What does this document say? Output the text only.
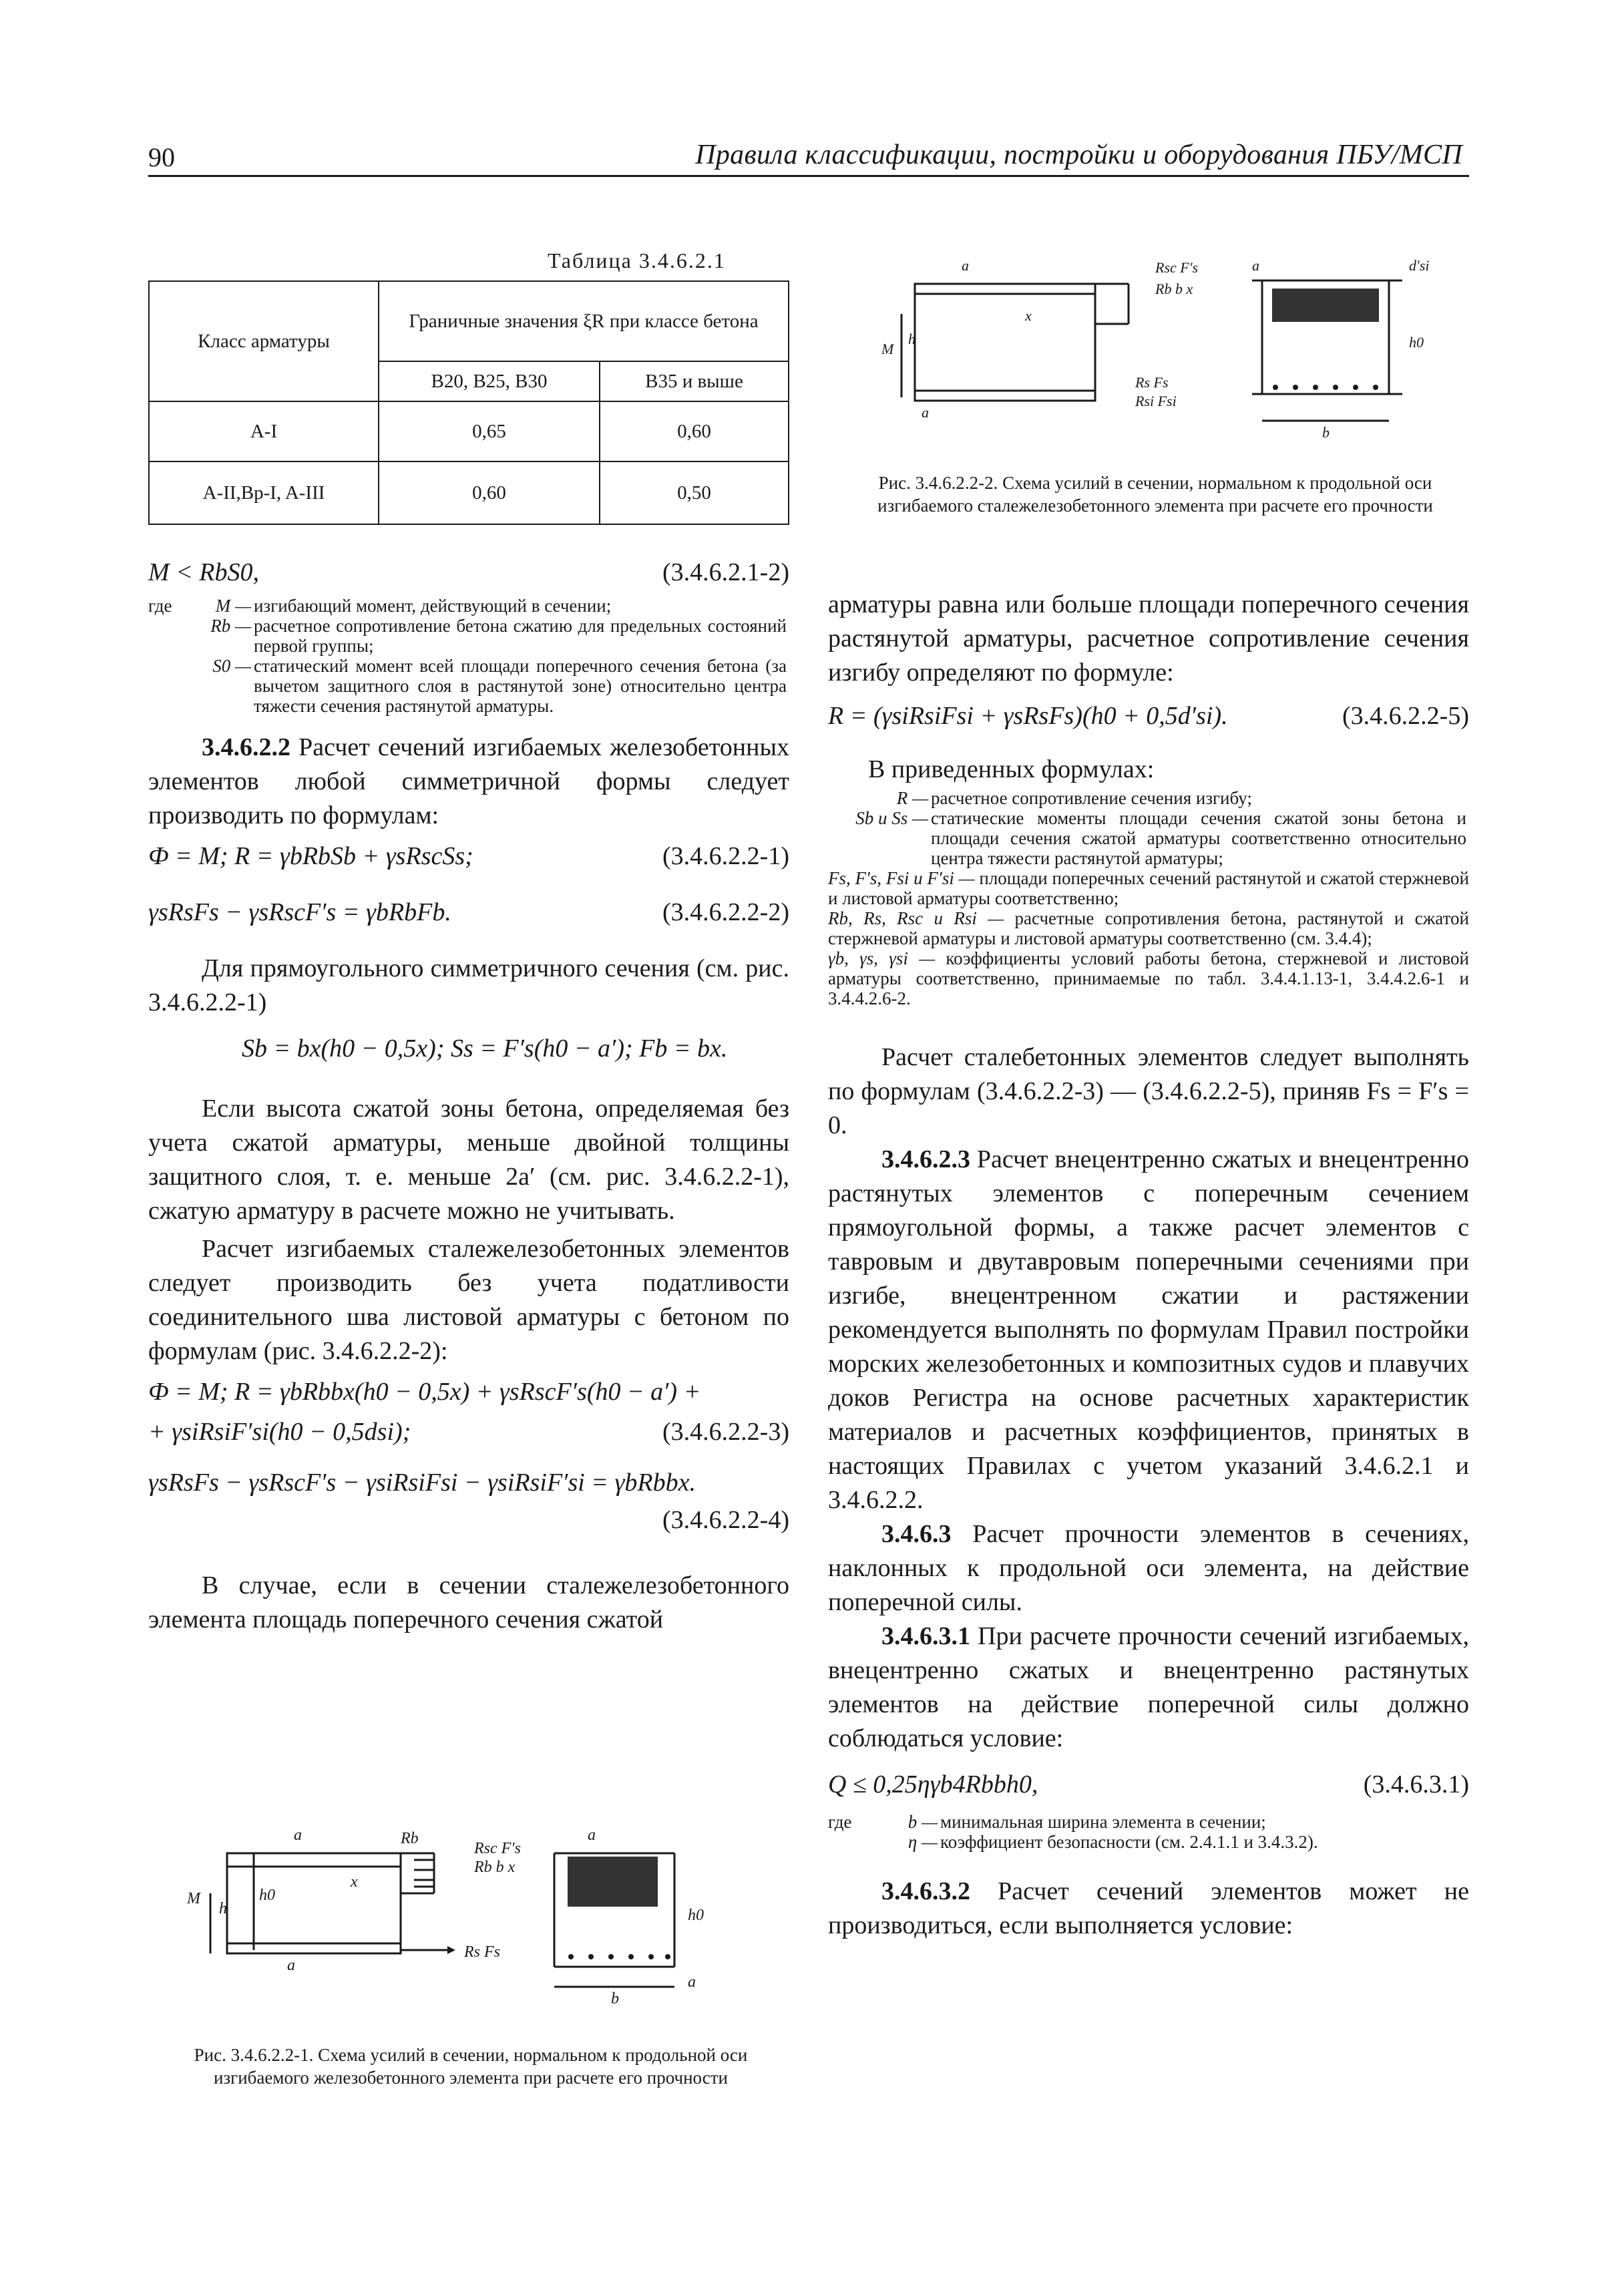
90	Правила классификации, постройки и оборудования ПБУ/МСП
Таблица 3.4.6.2.1
Класс арматуры	Граничные значения ξR при классе бетона	
	B20, B25, B30	B35 и выше
A-I	0,65	0,60
A-II,Bp-I, A-III	0,60	0,50
M < RbS0,	(3.4.6.2.1-2)
где	M —	изгибающий момент, действующий в сечении;
	Rb —	расчетное сопротивление бетона сжатию для предельных состояний первой группы;
	S0 —	статический момент всей площади поперечного сечения бетона (за вычетом защитного слоя в растянутой зоне) относительно центра тяжести сечения растянутой арматуры.

3.4.6.2.2 Расчет сечений изгибаемых железобетонных элементов любой симметричной формы следует производить по формулам:

Ф = M; R = γbRbSb + γsRscSs;	(3.4.6.2.2-1)
γsRsFs − γsRscF′s = γbRbFb.	(3.4.6.2.2-2)

Для прямоугольного симметричного сечения (см. рис. 3.4.6.2.2-1)

Sb = bx(h0 − 0,5x); Ss = F′s(h0 − a′); Fb = bx.

Если высота сжатой зоны бетона, определяемая без учета сжатой арматуры, меньше двойной толщины защитного слоя, т. е. меньше 2a′ (см. рис. 3.4.6.2.2-1), сжатую арматуру в расчете можно не учитывать.

Расчет изгибаемых сталежелезобетонных элементов следует производить без учета податливости соединительного шва листовой арматуры с бетоном по формулам (рис. 3.4.6.2.2-2):

Ф = M; R = γbRbbx(h0 − 0,5x) + γsRscF′s(h0 − a′) +
+ γsiRsiF′si(h0 − 0,5dsi);	(3.4.6.2.2-3)
γsRsFs − γsRscF′s − γsiRsiFsi − γsiRsiF′si = γbRbbx.
(3.4.6.2.2-4)

В случае, если в сечении сталежелезобетонного элемента площадь поперечного сечения сжатой

a
M
h
h0
x
Rb
Rsc F′s
Rb b x
Rs Fs
a
a
h0
b
a
Рис. 3.4.6.2.2-1. Схема усилий в сечении, нормальном к продольной оси изгибаемого железобетонного элемента при расчете его прочности
a
M
h
x
Rsc F′s
Rb b x
Rs Fs
Rsi Fsi
a
a	d′si
h0
b
Рис. 3.4.6.2.2-2. Схема усилий в сечении, нормальном к продольной оси изгибаемого сталежелезобетонного элемента при расчете его прочности

арматуры равна или больше площади поперечного сечения растянутой арматуры, расчетное сопротивление сечения изгибу определяют по формуле:

R = (γsiRsiFsi + γsRsFs)(h0 + 0,5d′si).	(3.4.6.2.2-5)
В приведенных формулах:
R —	расчетное сопротивление сечения изгибу;
Sb и Ss —	статические моменты площади сечения сжатой зоны бетона и площади сечения сжатой арматуры соответственно относительно центра тяжести растянутой арматуры;
Fs, F′s, Fsi и F′si — площади поперечных сечений растянутой и сжатой стержневой и листовой арматуры соответственно;	
Rb, Rs, Rsc и Rsi — расчетные сопротивления бетона, растянутой и сжатой стержневой арматуры и листовой арматуры соответственно (см. 3.4.4);	
γb, γs, γsi — коэффициенты условий работы бетона, стержневой и листовой арматуры соответственно, принимаемые по табл. 3.4.4.1.13-1, 3.4.4.2.6-1 и 3.4.4.2.6-2.	

Расчет сталебетонных элементов следует выполнять по формулам (3.4.6.2.2-3) — (3.4.6.2.2-5), приняв Fs = F′s = 0.

3.4.6.2.3 Расчет внецентренно сжатых и внецентренно растянутых элементов с поперечным сечением прямоугольной формы, а также расчет элементов с тавровым и двутавровым поперечными сечениями при изгибе, внецентренном сжатии и растяжении рекомендуется выполнять по формулам Правил постройки морских железобетонных и композитных судов и плавучих доков Регистра на основе расчетных характеристик материалов и расчетных коэффициентов, принятых в настоящих Правилах с учетом указаний 3.4.6.2.1 и 3.4.6.2.2.

3.4.6.3 Расчет прочности элементов в сечениях, наклонных к продольной оси элемента, на действие поперечной силы.

3.4.6.3.1 При расчете прочности сечений изгибаемых, внецентренно сжатых и внецентренно растянутых элементов на действие поперечной силы должно соблюдаться условие:

Q ≤ 0,25ηγb4Rbbh0,	(3.4.6.3.1)
где	b —	минимальная ширина элемента в сечении;
	η —	коэффициент безопасности (см. 2.4.1.1 и 3.4.3.2).

3.4.6.3.2 Расчет сечений элементов может не производиться, если выполняется условие:
